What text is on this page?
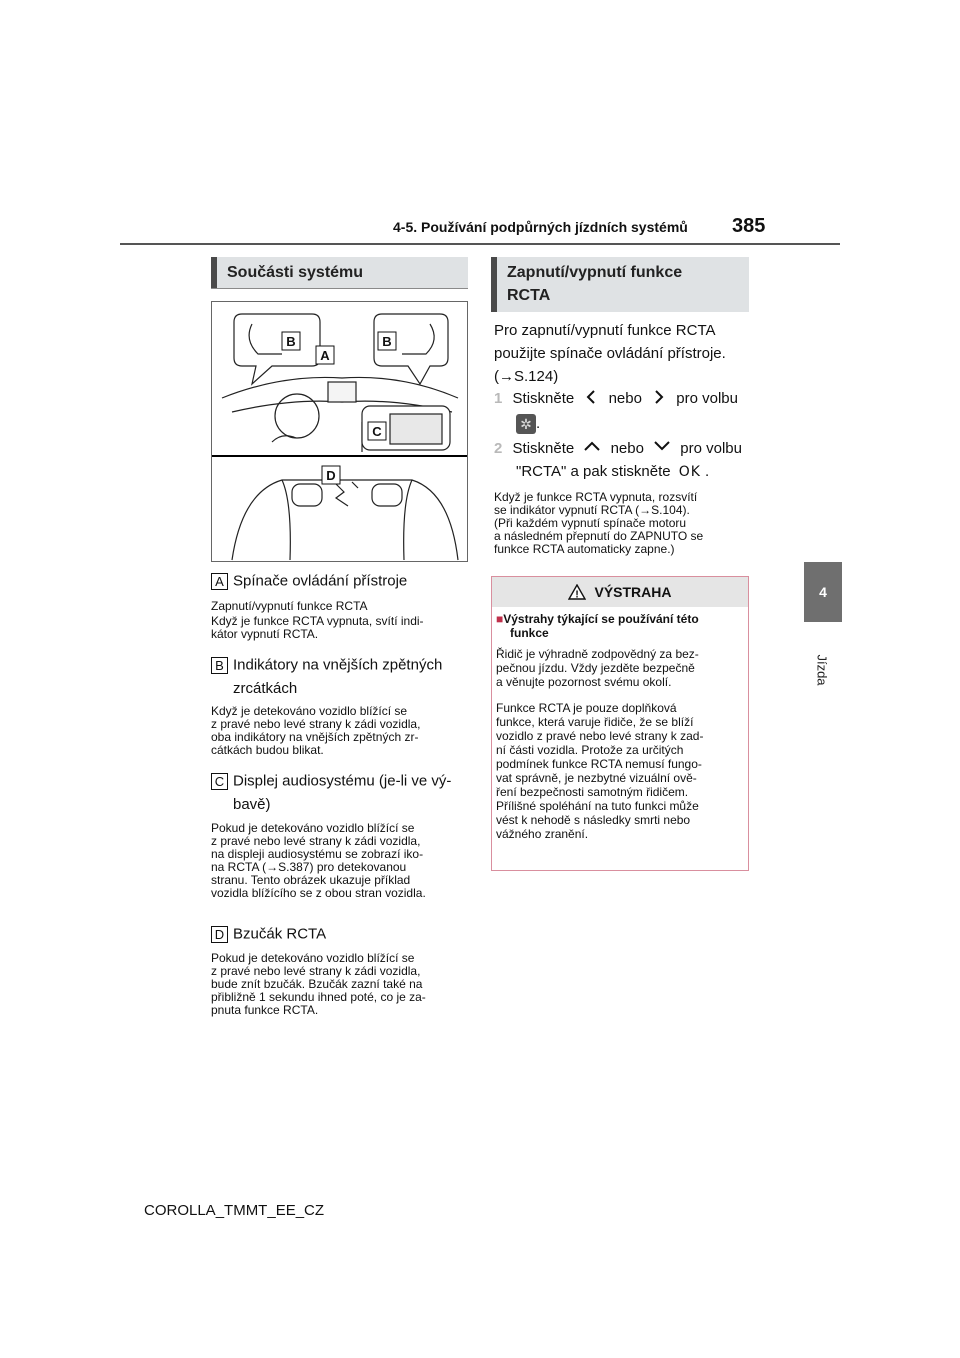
4-5. Používání podpůrných jízdních systémů 385
4
Jízda
Součásti systému
B
A
B
C
D
A Spínače ovládání přístroje
Zapnutí/vypnutí funkce RCTA
Když je funkce RCTA vypnuta, svítí indi-
kátor vypnutí RCTA.
B Indikátory na vnějších zpětných
zrcátkách
Když je detekováno vozidlo blížící se
z pravé nebo levé strany k zádi vozidla,
oba indikátory na vnějších zpětných zr-
cátkách budou blikat.
C Displej audiosystému (je-li ve vý-
bavě)
Pokud je detekováno vozidlo blížící se
z pravé nebo levé strany k zádi vozidla,
na displeji audiosystému se zobrazí iko-
na RCTA (→S.387) pro detekovanou
stranu. Tento obrázek ukazuje příklad
vozidla blížícího se z obou stran vozidla.
D Bzučák RCTA
Pokud je detekováno vozidlo blížící se
z pravé nebo levé strany k zádi vozidla,
bude znít bzučák. Bzučák zazní také na
přibližně 1 sekundu ihned poté, co je za-
pnuta funkce RCTA.
Zapnutí/vypnutí funkce
RCTA
Pro zapnutí/vypnutí funkce RCTA
použijte spínače ovládání přístroje.
(→S.124)
1 Stiskněte nebo pro volbu
✲ .
2 Stiskněte nebo pro volbu
"RCTA" a pak stiskněte OK .
Když je funkce RCTA vypnuta, rozsvítí
se indikátor vypnutí RCTA (→S.104).
(Při každém vypnutí spínače motoru
a následném přepnutí do ZAPNUTO se
funkce RCTA automaticky zapne.)
! VÝSTRAHA
■Výstrahy týkající se používání této
funkce
Řidič je výhradně zodpovědný za bez-
pečnou jízdu. Vždy jezděte bezpečně
a věnujte pozornost svému okolí.
Funkce RCTA je pouze doplňková
funkce, která varuje řidiče, že se blíží
vozidlo z pravé nebo levé strany k zad-
ní části vozidla. Protože za určitých
podmínek funkce RCTA nemusí fungo-
vat správně, je nezbytné vizuální ově-
ření bezpečnosti samotným řidičem.
Přílišné spoléhání na tuto funkci může
vést k nehodě s následky smrti nebo
vážného zranění.
COROLLA_TMMT_EE_CZ
